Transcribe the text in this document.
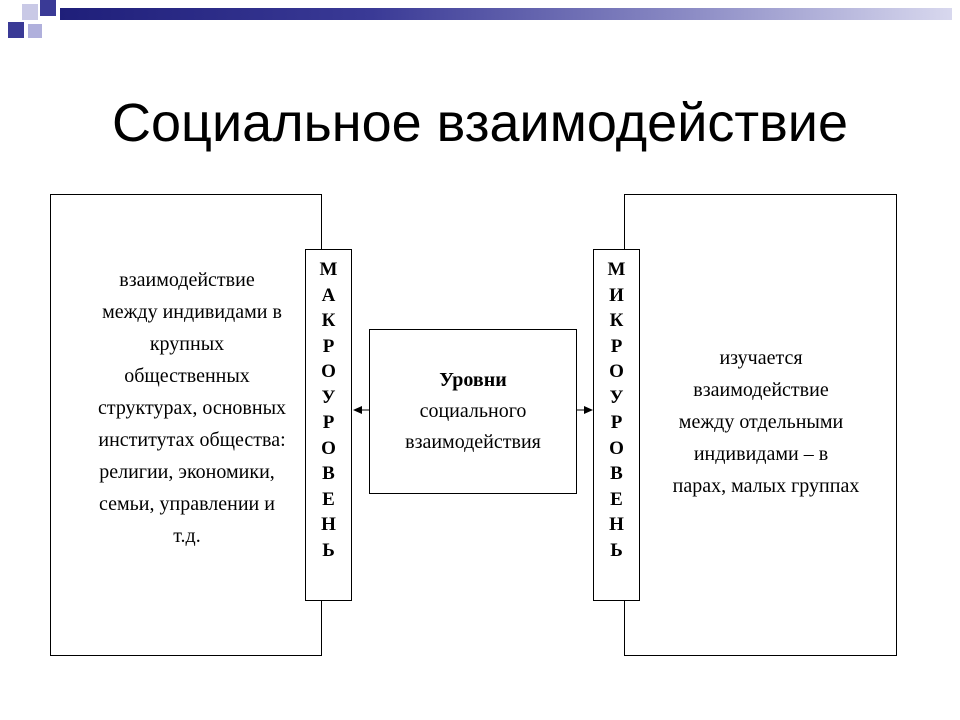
Социальное взаимодействие
взаимодействие
между индивидами в
крупных
общественных
структурах, основных
институтах общества:
религии, экономики,
семьи, управлении и
т.д.
изучается
взаимодействие
между отдельными
индивидами – в
парах, малых группах
М
А
К
Р
О
У
Р
О
В
Е
Н
Ь
М
И
К
Р
О
У
Р
О
В
Е
Н
Ь
Уровни
социального
взаимодействия
